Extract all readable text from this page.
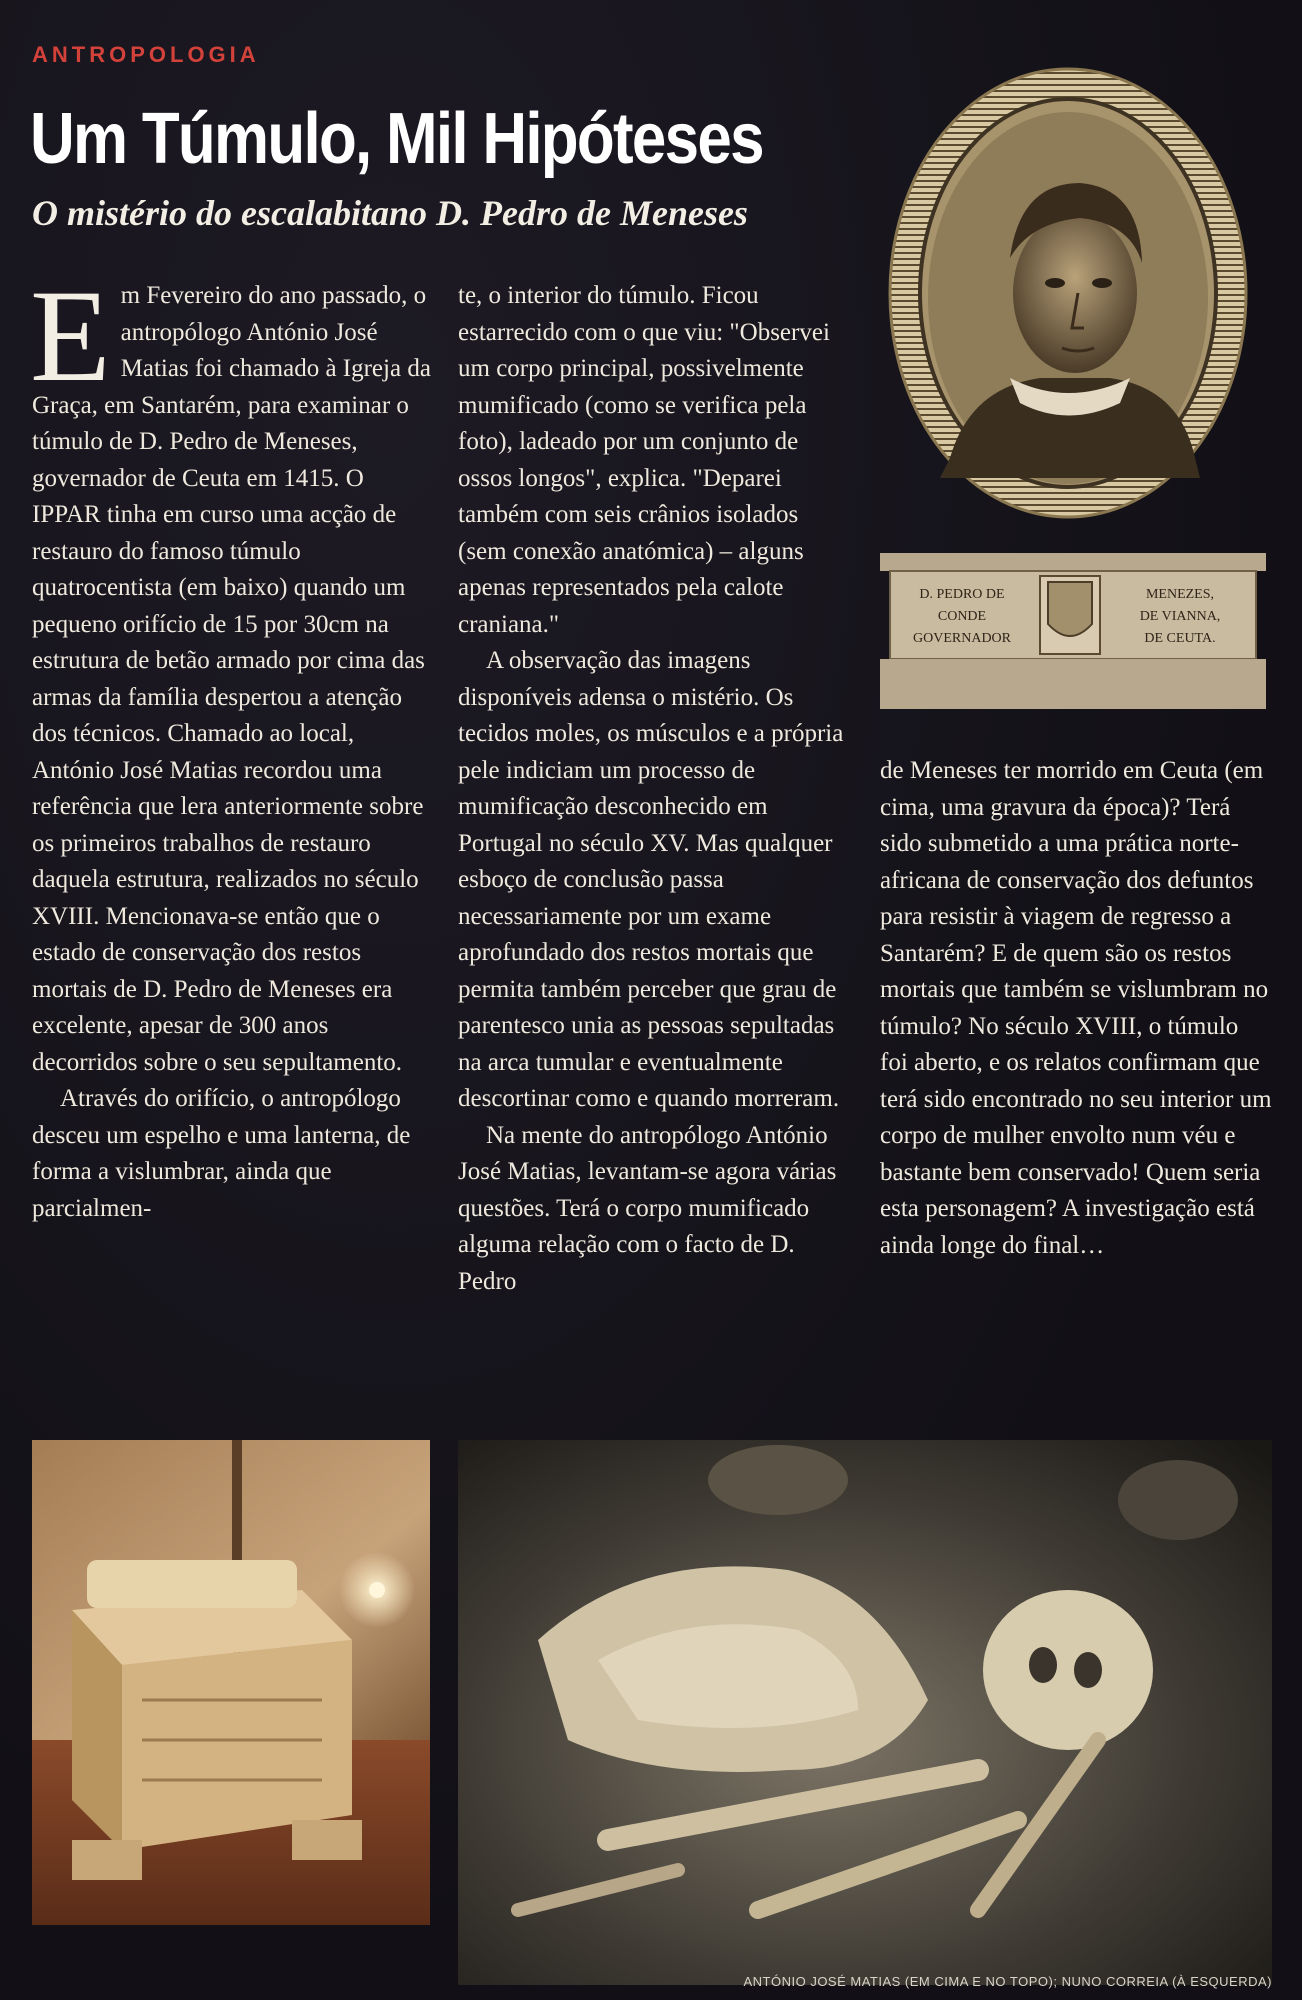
ANTROPOLOGIA
Um Túmulo, Mil Hipóteses
O mistério do escalabitano D. Pedro de Meneses

Em Fevereiro do ano passado, o antropólogo António José Matias foi chamado à Igreja da Graça, em Santarém, para examinar o túmulo de D. Pedro de Meneses, governador de Ceuta em 1415. O IPPAR tinha em curso uma acção de restauro do famoso túmulo quatrocentista (em baixo) quando um pequeno orifício de 15 por 30cm na estrutura de betão armado por cima das armas da família despertou a atenção dos técnicos. Chamado ao local, António José Matias recordou uma referência que lera anteriormente sobre os primeiros trabalhos de restauro daquela estrutura, realizados no século XVIII. Mencionava-se então que o estado de conservação dos restos mortais de D. Pedro de Meneses era excelente, apesar de 300 anos decorridos sobre o seu sepultamento.

Através do orifício, o antropólogo desceu um espelho e uma lanterna, de forma a vislumbrar, ainda que parcialmen-

te, o interior do túmulo. Ficou estarrecido com o que viu: "Observei um corpo principal, possivelmente mumificado (como se verifica pela foto), ladeado por um conjunto de ossos longos", explica. "Deparei também com seis crânios isolados (sem conexão anatómica) – alguns apenas representados pela calote craniana."

A observação das imagens disponíveis adensa o mistério. Os tecidos moles, os músculos e a própria pele indiciam um processo de mumificação desconhecido em Portugal no século XV. Mas qualquer esboço de conclusão passa necessariamente por um exame aprofundado dos restos mortais que permita também perceber que grau de parentesco unia as pessoas sepultadas na arca tumular e eventualmente descortinar como e quando morreram.

Na mente do antropólogo António José Matias, levantam-se agora várias questões. Terá o corpo mumificado alguma relação com o facto de D. Pedro

de Meneses ter morrido em Ceuta (em cima, uma gravura da época)? Terá sido submetido a uma prática norte-africana de conservação dos defuntos para resistir à viagem de regresso a Santarém? E de quem são os restos mortais que também se vislumbram no túmulo? No século XVIII, o túmulo foi aberto, e os relatos confirmam que terá sido encontrado no seu interior um corpo de mulher envolto num véu e bastante bem conservado! Quem seria esta personagem? A investigação está ainda longe do final…

D. PEDRO DE
CONDE
GOVERNADOR
MENEZES,
DE VIANNA,
DE CEUTA.
ANTÓNIO JOSÉ MATIAS (EM CIMA E NO TOPO); NUNO CORREIA (À ESQUERDA)
